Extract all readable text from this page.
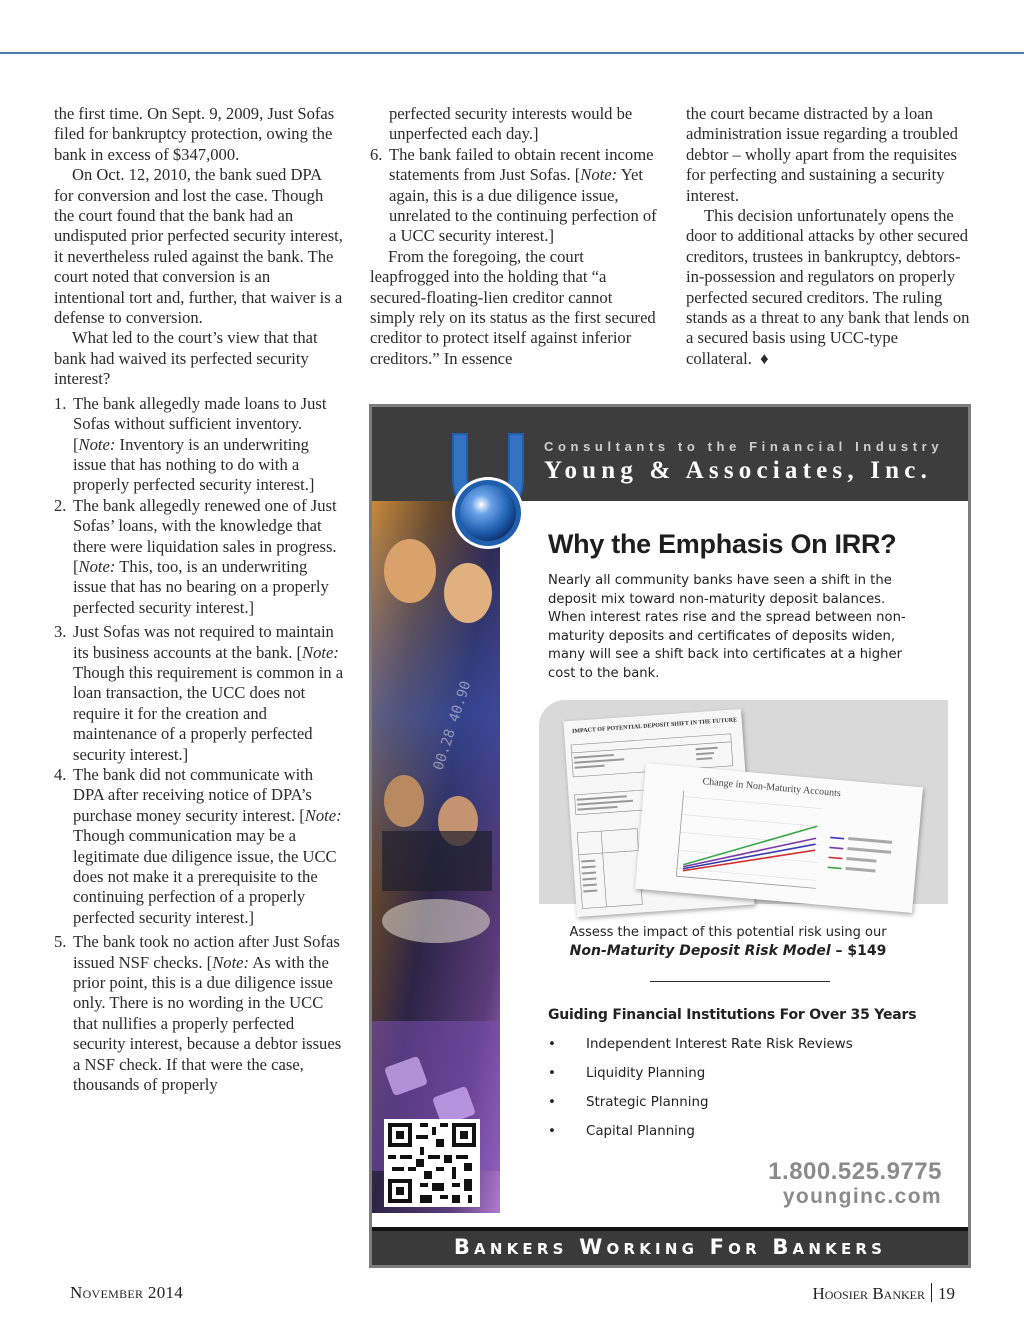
the first time. On Sept. 9, 2009, Just Sofas filed for bankruptcy protection, owing the bank in excess of $347,000.

On Oct. 12, 2010, the bank sued DPA for conversion and lost the case. Though the court found that the bank had an undisputed prior perfected security interest, it nevertheless ruled against the bank. The court noted that conversion is an intentional tort and, further, that waiver is a defense to conversion.

What led to the court’s view that that bank had waived its perfected security interest?

1. The bank allegedly made loans to Just Sofas without sufficient inventory. [Note: Inventory is an underwriting issue that has nothing to do with a properly perfected security interest.]
2. The bank allegedly renewed one of Just Sofas’ loans, with the knowledge that there were liquidation sales in progress. [Note: This, too, is an underwriting issue that has no bearing on a properly perfected security interest.]
3. Just Sofas was not required to maintain its business accounts at the bank. [Note: Though this requirement is common in a loan transaction, the UCC does not require it for the creation and maintenance of a properly perfected security interest.]
4. The bank did not communicate with DPA after receiving notice of DPA’s purchase money security interest. [Note: Though communication may be a legitimate due diligence issue, the UCC does not make it a prerequisite to the continuing perfection of a properly perfected security interest.]
5. The bank took no action after Just Sofas issued NSF checks. [Note: As with the prior point, this is a due diligence issue only. There is no wording in the UCC that nullifies a properly perfected security interest, because a debtor issues a NSF check. If that were the case, thousands of properly
perfected security interests would be unperfected each day.]
6. The bank failed to obtain recent income statements from Just Sofas. [Note: Yet again, this is a due diligence issue, unrelated to the continuing perfection of a UCC security interest.]

From the foregoing, the court leapfrogged into the holding that “a secured-floating-lien creditor cannot simply rely on its status as the first secured creditor to protect itself against inferior creditors.” In essence

the court became distracted by a loan administration issue regarding a troubled debtor – wholly apart from the requisites for perfecting and sustaining a security interest.

This decision unfortunately opens the door to additional attacks by other secured creditors, trustees in bankruptcy, debtors-in-possession and regulators on properly perfected secured creditors. The ruling stands as a threat to any bank that lends on a secured basis using UCC-type collateral. ♦

Consultants to the Financial Industry
Young & Associates, Inc.
00.28 40.90
Why the Emphasis On IRR?
Nearly all community banks have seen a shift in the deposit mix toward non-maturity deposit balances. When interest rates rise and the spread between non-maturity deposits and certificates of deposits widen, many will see a shift back into certificates at a higher cost to the bank.
IMPACT OF POTENTIAL DEPOSIT SHIFT IN THE FUTURE
Change in Non-Maturity Accounts
Assess the impact of this potential risk using our
Non-Maturity Deposit Risk Model – $149
Guiding Financial Institutions For Over 35 Years
• Independent Interest Rate Risk Reviews
• Liquidity Planning
• Strategic Planning
• Capital Planning
1.800.525.9775
younginc.com
Bankers Working For Bankers
November 2014	Hoosier Banker 19
